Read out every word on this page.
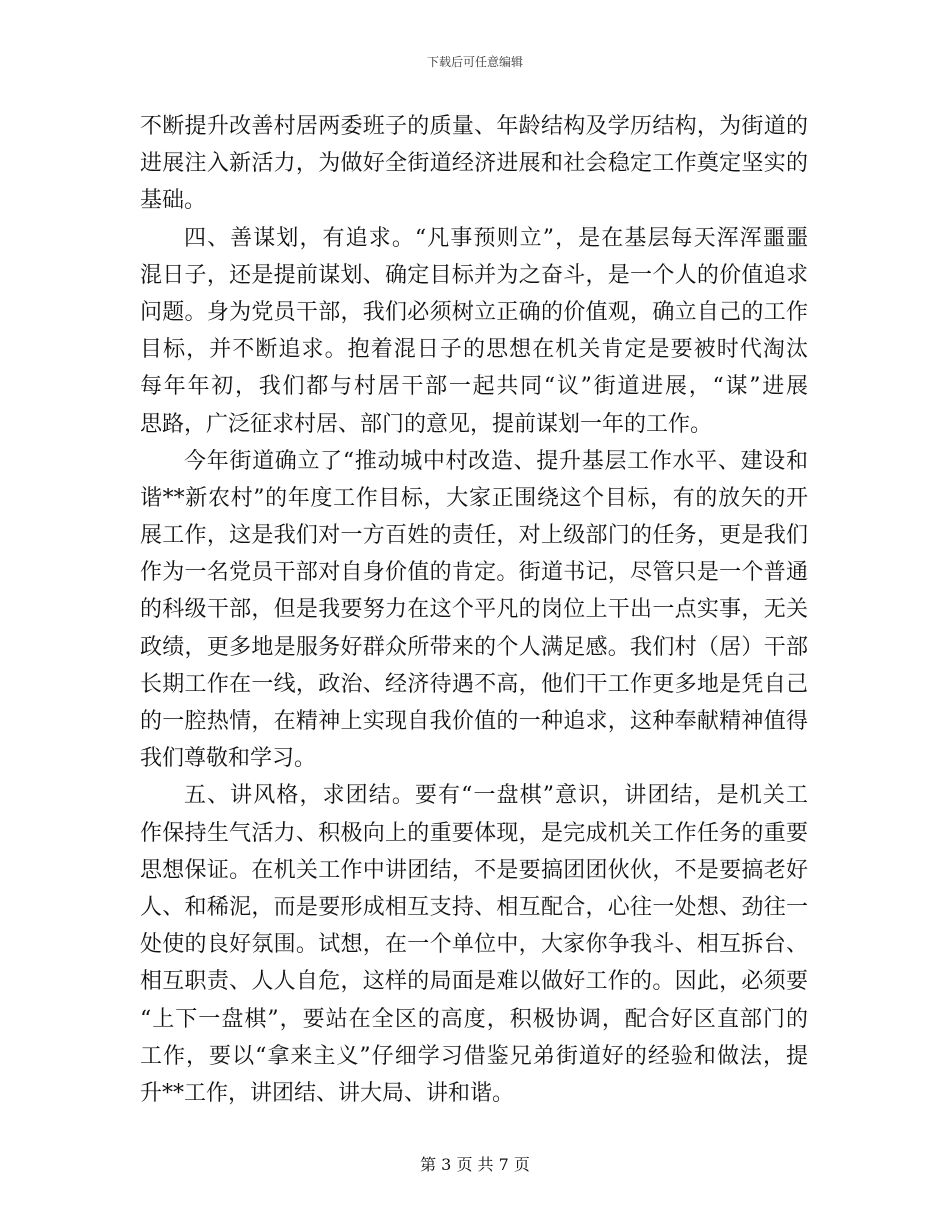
下载后可任意编辑
不断提升改善村居两委班子的质量、年龄结构及学历结构，为街道的
进展注入新活力，为做好全街道经济进展和社会稳定工作奠定坚实的
基础。
四、善谋划，有追求。“凡事预则立”，是在基层每天浑浑噩噩
混日子，还是提前谋划、确定目标并为之奋斗，是一个人的价值追求
问题。身为党员干部，我们必须树立正确的价值观，确立自己的工作
目标，并不断追求。抱着混日子的思想在机关肯定是要被时代淘汰
每年年初，我们都与村居干部一起共同“议”街道进展，“谋”进展
思路，广泛征求村居、部门的意见，提前谋划一年的工作。
今年街道确立了“推动城中村改造、提升基层工作水平、建设和
谐**新农村”的年度工作目标，大家正围绕这个目标，有的放矢的开
展工作，这是我们对一方百姓的责任，对上级部门的任务，更是我们
作为一名党员干部对自身价值的肯定。街道书记，尽管只是一个普通
的科级干部，但是我要努力在这个平凡的岗位上干出一点实事，无关
政绩，更多地是服务好群众所带来的个人满足感。我们村（居）干部
长期工作在一线，政治、经济待遇不高，他们干工作更多地是凭自己
的一腔热情，在精神上实现自我价值的一种追求，这种奉献精神值得
我们尊敬和学习。
五、讲风格，求团结。要有“一盘棋”意识，讲团结，是机关工
作保持生气活力、积极向上的重要体现，是完成机关工作任务的重要
思想保证。在机关工作中讲团结，不是要搞团团伙伙，不是要搞老好
人、和稀泥，而是要形成相互支持、相互配合，心往一处想、劲往一
处使的良好氛围。试想，在一个单位中，大家你争我斗、相互拆台、
相互职责、人人自危，这样的局面是难以做好工作的。因此，必须要
“上下一盘棋”，要站在全区的高度，积极协调，配合好区直部门的
工作，要以“拿来主义”仔细学习借鉴兄弟街道好的经验和做法，提
升**工作，讲团结、讲大局、讲和谐。
第 3 页 共 7 页
